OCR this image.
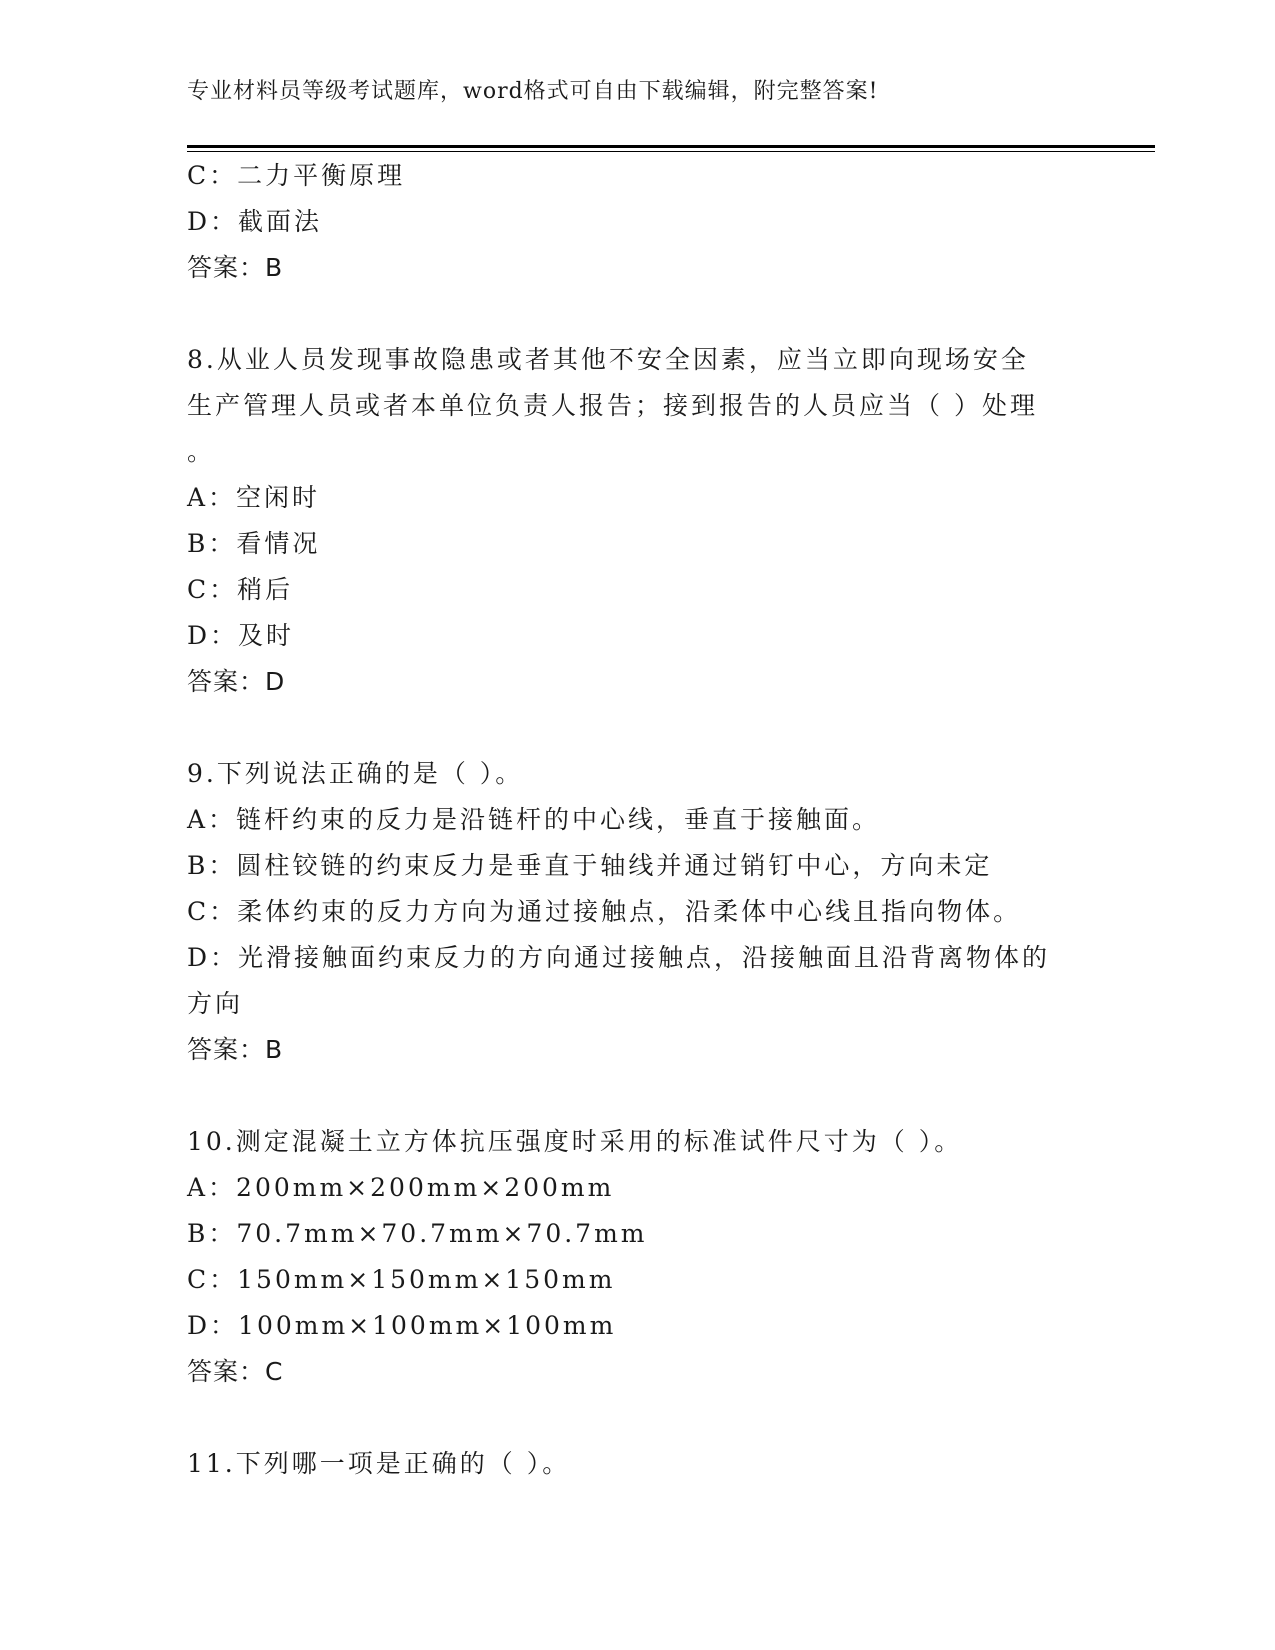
专业材料员等级考试题库，word格式可自由下载编辑，附完整答案!
C：二力平衡原理
D：截面法
答案：B
8.从业人员发现事故隐患或者其他不安全因素，应当立即向现场安全
生产管理人员或者本单位负责人报告；接到报告的人员应当（ ）处理
。
A：空闲时
B：看情况
C：稍后
D：及时
答案：D
9.下列说法正确的是（ ）。
A：链杆约束的反力是沿链杆的中心线，垂直于接触面。
B：圆柱铰链的约束反力是垂直于轴线并通过销钉中心，方向未定
C：柔体约束的反力方向为通过接触点，沿柔体中心线且指向物体。
D：光滑接触面约束反力的方向通过接触点，沿接触面且沿背离物体的
方向
答案：B
10.测定混凝土立方体抗压强度时采用的标准试件尺寸为（ ）。
A：200mm×200mm×200mm
B：70.7mm×70.7mm×70.7mm
C：150mm×150mm×150mm
D：100mm×100mm×100mm
答案：C
11.下列哪一项是正确的（ ）。
